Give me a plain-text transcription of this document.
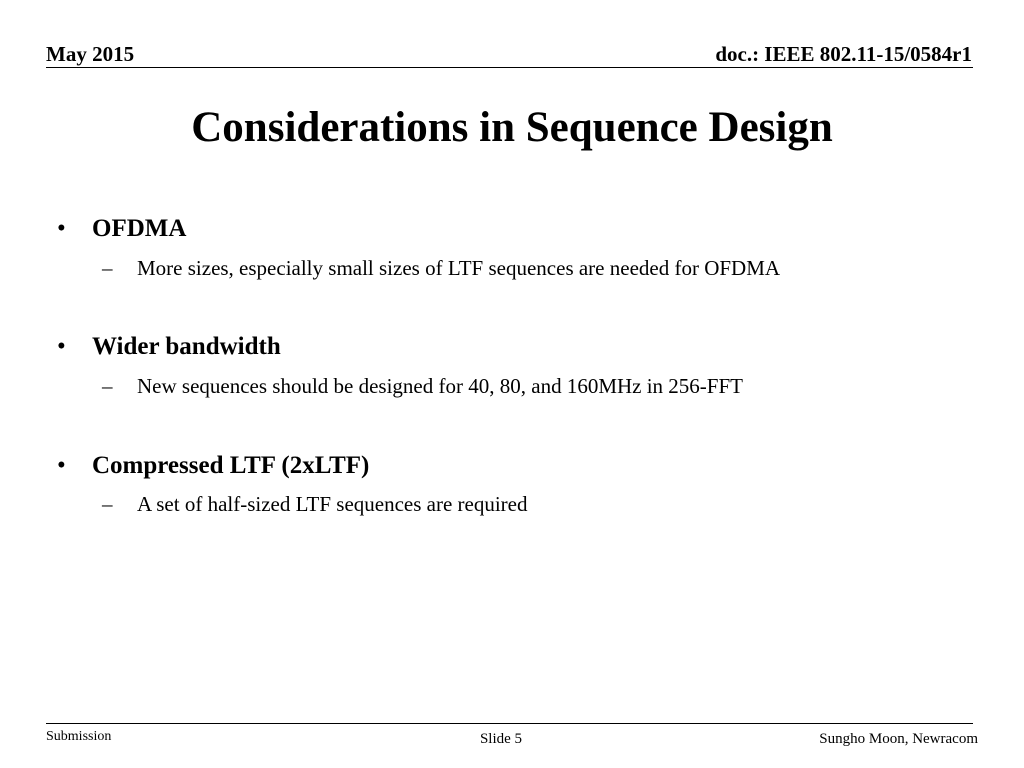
May 2015	doc.: IEEE 802.11-15/0584r1
Considerations in Sequence Design
• OFDMA
– More sizes, especially small sizes of LTF sequences are needed for OFDMA
• Wider bandwidth
– New sequences should be designed for 40, 80, and 160MHz in 256-FFT
• Compressed LTF (2xLTF)
– A set of half-sized LTF sequences are required
Submission	Slide 5	Sungho Moon, Newracom
